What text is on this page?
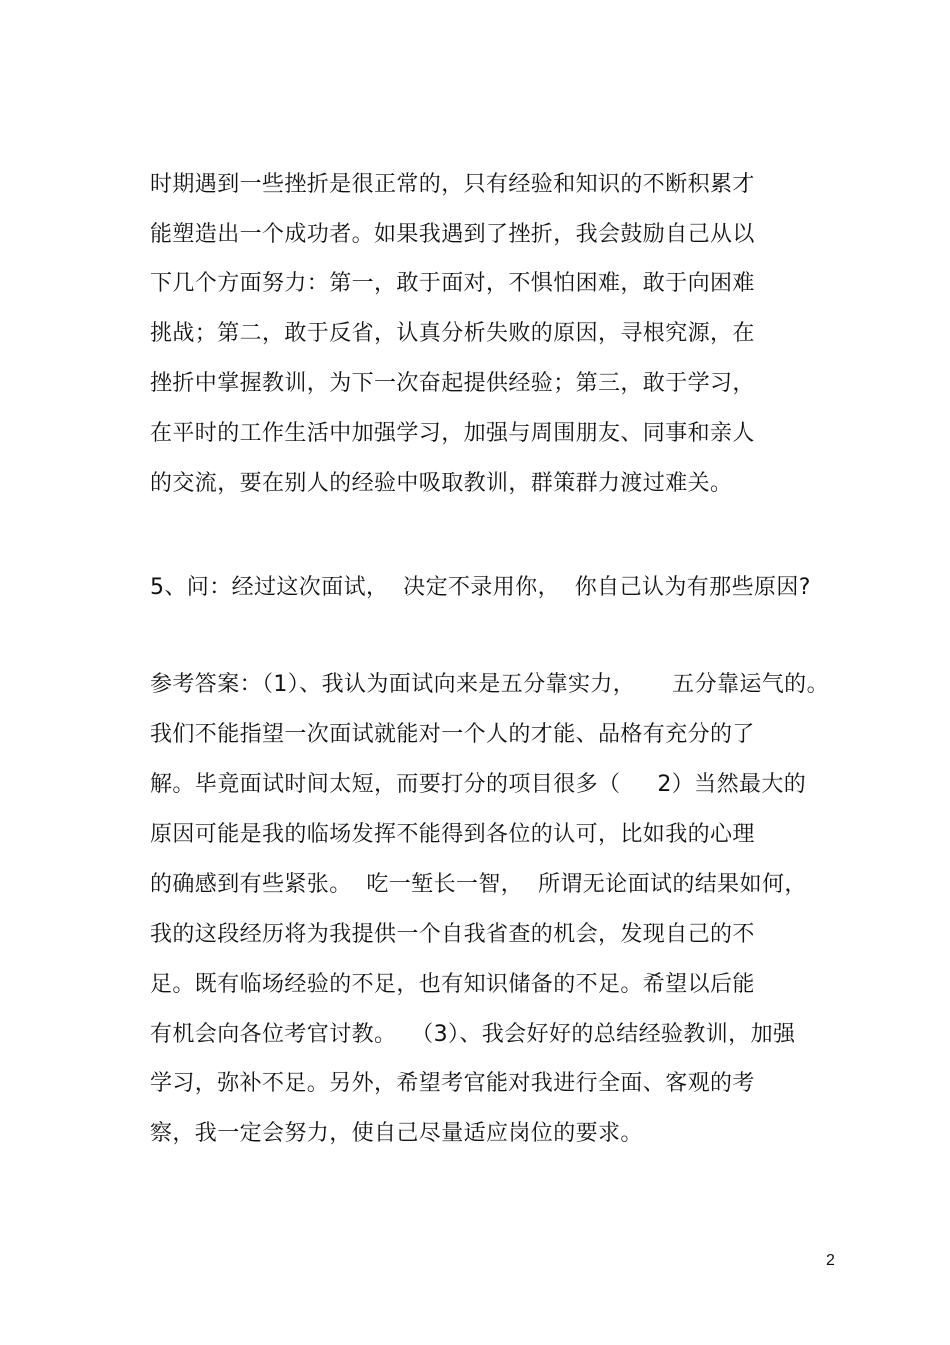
时期遇到一些挫折是很正常的，只有经验和知识的不断积累才
能塑造出一个成功者。如果我遇到了挫折，我会鼓励自己从以
下几个方面努力：第一，敢于面对，不惧怕困难，敢于向困难
挑战；第二，敢于反省，认真分析失败的原因，寻根究源，在
挫折中掌握教训，为下一次奋起提供经验；第三，敢于学习，
在平时的工作生活中加强学习，加强与周围朋友、同事和亲人
的交流，要在别人的经验中吸取教训，群策群力渡过难关。
5、问：经过这次面试，  决定不录用你，  你自己认为有那些原因?
参考答案：（1）、我认为面试向来是五分靠实力，     五分靠运气的。
我们不能指望一次面试就能对一个人的才能、品格有充分的了
解。毕竟面试时间太短，而要打分的项目很多（     2）当然最大的
原因可能是我的临场发挥不能得到各位的认可，比如我的心理
的确感到有些紧张。  吃一堑长一智，  所谓无论面试的结果如何，
我的这段经历将为我提供一个自我省查的机会，发现自己的不
足。既有临场经验的不足，也有知识储备的不足。希望以后能
有机会向各位考官讨教。  （3）、我会好好的总结经验教训，加强
学习，弥补不足。另外，希望考官能对我进行全面、客观的考
察，我一定会努力，使自己尽量适应岗位的要求。
2
